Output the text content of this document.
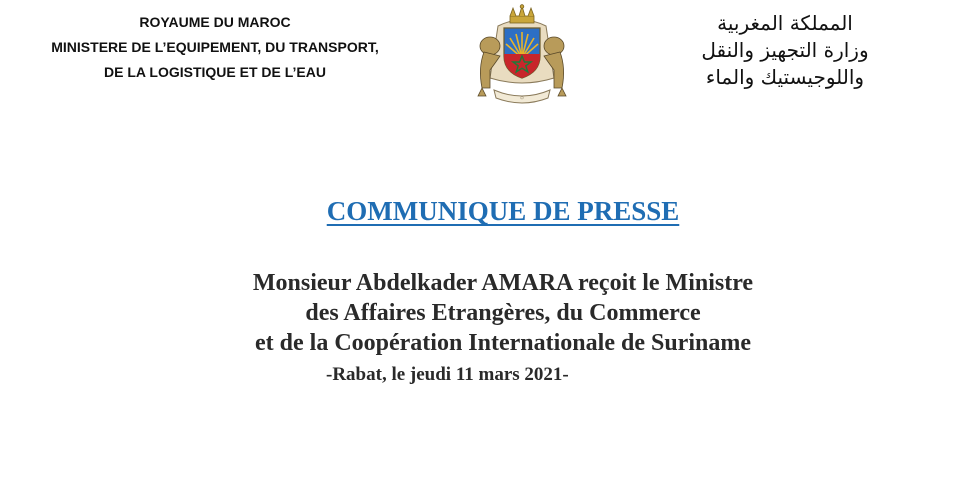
ROYAUME DU MAROC
MINISTERE DE L’EQUIPEMENT, DU TRANSPORT,
DE LA LOGISTIQUE ET DE L’EAU
۞
المملكة المغربية
وزارة التجهيز والنقل
واللوجيستيك والماء
COMMUNIQUE DE PRESSE
Monsieur Abdelkader AMARA reçoit le Ministre
des Affaires Etrangères, du Commerce
et de la Coopération Internationale de Suriname
-Rabat, le jeudi 11 mars 2021-
